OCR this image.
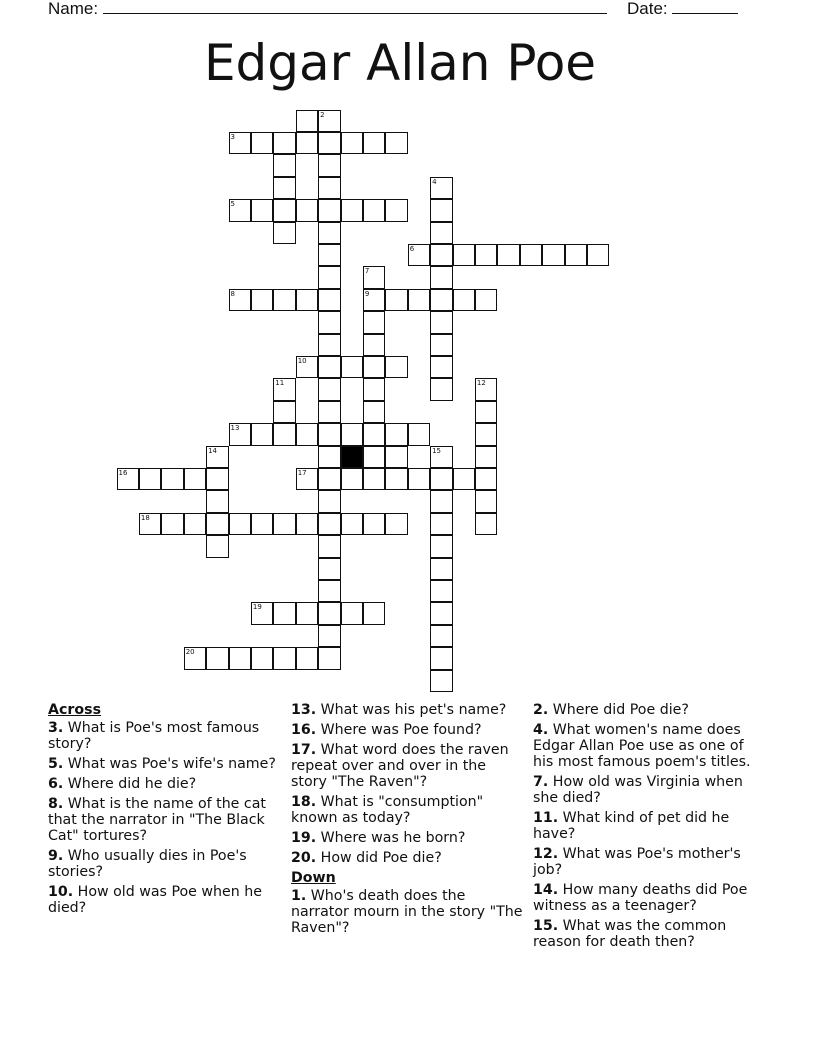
Name:	Date:
Edgar Allan Poe
2
3
4
5
6
7
8	9
10
11	12
13
14	15
16	17
18
19
20
Across
3. What is Poe's most famous story?
5. What was Poe's wife's name?
6. Where did he die?
8. What is the name of the cat that the narrator in "The Black Cat" tortures?
9. Who usually dies in Poe's stories?
10. How old was Poe when he died?
13. What was his pet's name?
16. Where was Poe found?
17. What word does the raven repeat over and over in the story "The Raven"?
18. What is "consumption" known as today?
19. Where was he born?
20. How did Poe die?
Down
1. Who's death does the narrator mourn in the story "The Raven"?
2. Where did Poe die?
4. What women's name does Edgar Allan Poe use as one of his most famous poem's titles.
7. How old was Virginia when she died?
11. What kind of pet did he have?
12. What was Poe's mother's job?
14. How many deaths did Poe witness as a teenager?
15. What was the common reason for death then?
